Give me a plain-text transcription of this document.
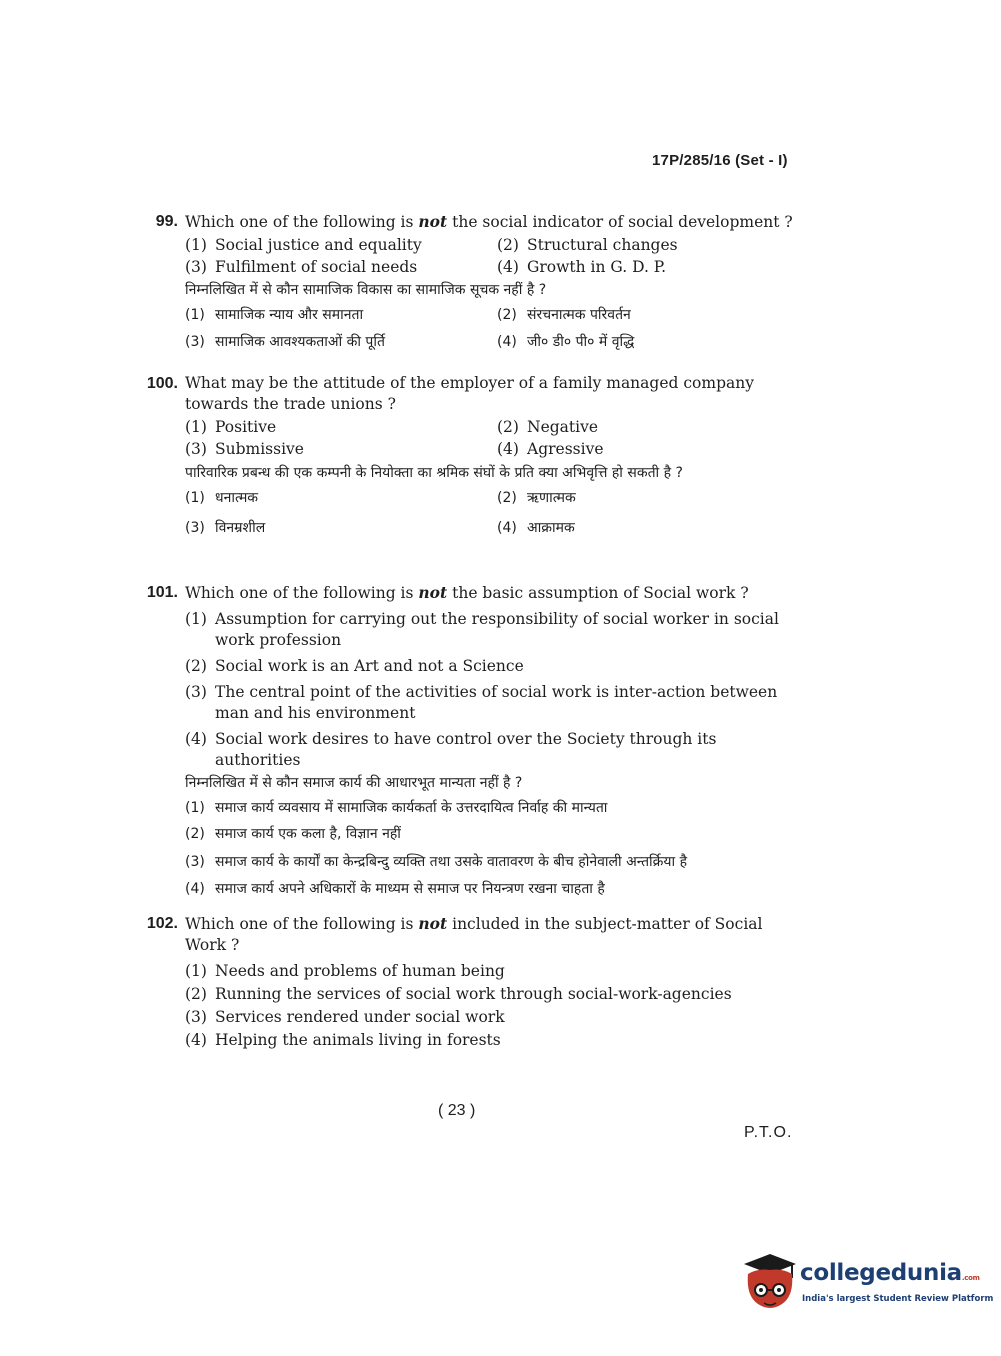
17P/285/16 (Set - I)
99. Which one of the following is not the social indicator of social development ?
(1) Social justice and equality	(2) Structural changes
(3) Fulfilment of social needs	(4) Growth in G. D. P.
निम्नलिखित में से कौन सामाजिक विकास का सामाजिक सूचक नहीं है ?
(1) सामाजिक न्याय और समानता	(2) संरचनात्मक परिवर्तन
(3) सामाजिक आवश्यकताओं की पूर्ति	(4) जी० डी० पी० में वृद्धि
100. What may be the attitude of the employer of a family managed company towards the trade unions ?
(1) Positive	(2) Negative
(3) Submissive	(4) Agressive
पारिवारिक प्रबन्ध की एक कम्पनी के नियोक्ता का श्रमिक संघों के प्रति क्या अभिवृत्ति हो सकती है ?
(1) धनात्मक	(2) ऋणात्मक
(3) विनम्रशील	(4) आक्रामक
101. Which one of the following is not the basic assumption of Social work ?
(1) Assumption for carrying out the responsibility of social worker in social work profession
(2) Social work is an Art and not a Science
(3) The central point of the activities of social work is inter-action between man and his environment
(4) Social work desires to have control over the Society through its authorities
निम्नलिखित में से कौन समाज कार्य की आधारभूत मान्यता नहीं है ?
(1) समाज कार्य व्यवसाय में सामाजिक कार्यकर्ता के उत्तरदायित्व निर्वाह की मान्यता
(2) समाज कार्य एक कला है, विज्ञान नहीं
(3) समाज कार्य के कार्यों का केन्द्रबिन्दु व्यक्ति तथा उसके वातावरण के बीच होनेवाली अन्तर्क्रिया है
(4) समाज कार्य अपने अधिकारों के माध्यम से समाज पर नियन्त्रण रखना चाहता है
102. Which one of the following is not included in the subject-matter of Social Work ?
(1) Needs and problems of human being
(2) Running the services of social work through social-work-agencies
(3) Services rendered under social work
(4) Helping the animals living in forests
( 23 )
P.T.O.
collegedunia.com
India's largest Student Review Platform
